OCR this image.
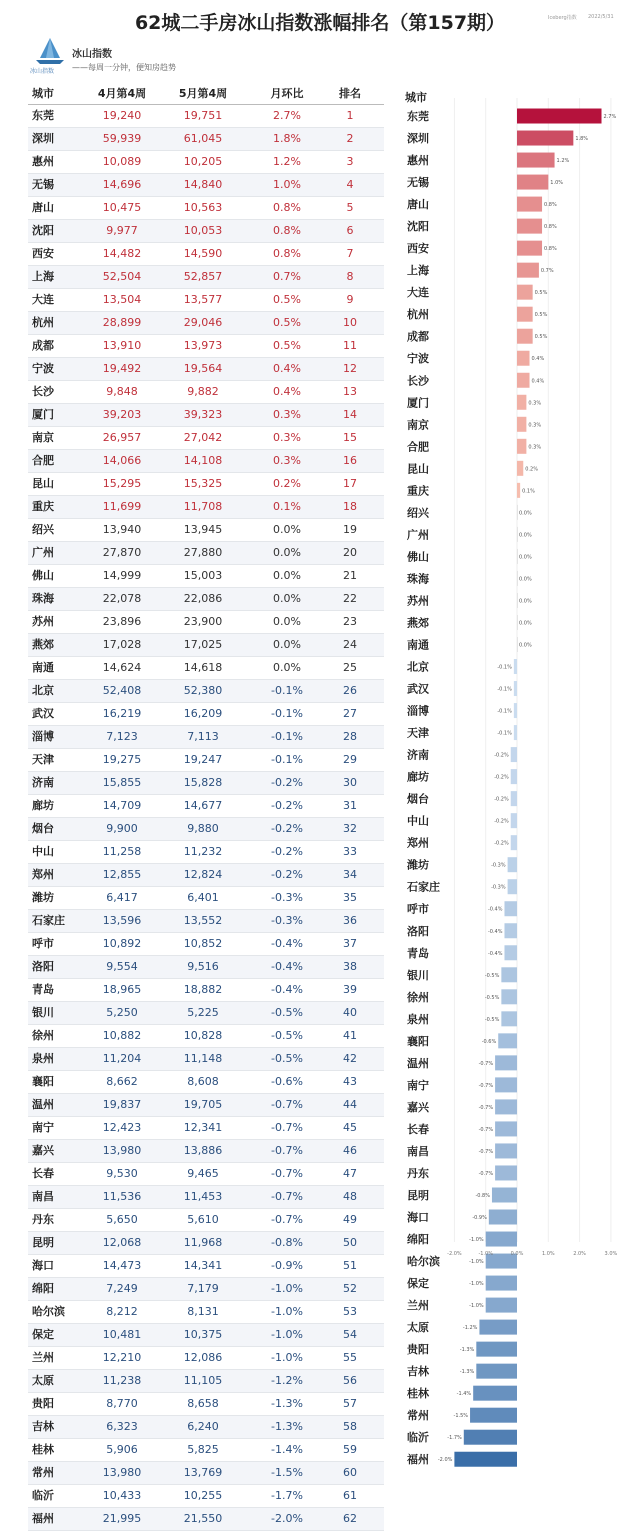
62城二手房冰山指数涨幅排名（第157期）	Iceberg指数 2022/5/31
冰山指数
——每周一分钟，便知房趋势
冰山指数
城市	4月第4周	5月第4周	月环比	排名
东莞	19,240	19,751	2.7%	1
深圳	59,939	61,045	1.8%	2
惠州	10,089	10,205	1.2%	3
无锡	14,696	14,840	1.0%	4
唐山	10,475	10,563	0.8%	5
沈阳	9,977	10,053	0.8%	6
西安	14,482	14,590	0.8%	7
上海	52,504	52,857	0.7%	8
大连	13,504	13,577	0.5%	9
杭州	28,899	29,046	0.5%	10
成都	13,910	13,973	0.5%	11
宁波	19,492	19,564	0.4%	12
长沙	9,848	9,882	0.4%	13
厦门	39,203	39,323	0.3%	14
南京	26,957	27,042	0.3%	15
合肥	14,066	14,108	0.3%	16
昆山	15,295	15,325	0.2%	17
重庆	11,699	11,708	0.1%	18
绍兴	13,940	13,945	0.0%	19
广州	27,870	27,880	0.0%	20
佛山	14,999	15,003	0.0%	21
珠海	22,078	22,086	0.0%	22
苏州	23,896	23,900	0.0%	23
燕郊	17,028	17,025	0.0%	24
南通	14,624	14,618	0.0%	25
北京	52,408	52,380	-0.1%	26
武汉	16,219	16,209	-0.1%	27
淄博	7,123	7,113	-0.1%	28
天津	19,275	19,247	-0.1%	29
济南	15,855	15,828	-0.2%	30
廊坊	14,709	14,677	-0.2%	31
烟台	9,900	9,880	-0.2%	32
中山	11,258	11,232	-0.2%	33
郑州	12,855	12,824	-0.2%	34
潍坊	6,417	6,401	-0.3%	35
石家庄	13,596	13,552	-0.3%	36
呼市	10,892	10,852	-0.4%	37
洛阳	9,554	9,516	-0.4%	38
青岛	18,965	18,882	-0.4%	39
银川	5,250	5,225	-0.5%	40
徐州	10,882	10,828	-0.5%	41
泉州	11,204	11,148	-0.5%	42
襄阳	8,662	8,608	-0.6%	43
温州	19,837	19,705	-0.7%	44
南宁	12,423	12,341	-0.7%	45
嘉兴	13,980	13,886	-0.7%	46
长春	9,530	9,465	-0.7%	47
南昌	11,536	11,453	-0.7%	48
丹东	5,650	5,610	-0.7%	49
昆明	12,068	11,968	-0.8%	50
海口	14,473	14,341	-0.9%	51
绵阳	7,249	7,179	-1.0%	52
哈尔滨	8,212	8,131	-1.0%	53
保定	10,481	10,375	-1.0%	54
兰州	12,210	12,086	-1.0%	55
太原	11,238	11,105	-1.2%	56
贵阳	8,770	8,658	-1.3%	57
吉林	6,323	6,240	-1.3%	58
桂林	5,906	5,825	-1.4%	59
常州	13,980	13,769	-1.5%	60
临沂	10,433	10,255	-1.7%	61
福州	21,995	21,550	-2.0%	62
城市
东莞	2.7%
深圳	1.8%
惠州	1.2%
无锡	1.0%
唐山	0.8%
沈阳	0.8%
西安	0.8%
上海	0.7%
大连	0.5%
杭州	0.5%
成都	0.5%
宁波	0.4%
长沙	0.4%
厦门	0.3%
南京	0.3%
合肥	0.3%
昆山	0.2%
重庆	0.1%
绍兴	0.0%
广州	0.0%
佛山	0.0%
珠海	0.0%
苏州	0.0%
燕郊	0.0%
南通	0.0%
北京	-0.1%
武汉	-0.1%
淄博	-0.1%
天津	-0.1%
济南	-0.2%
廊坊	-0.2%
烟台	-0.2%
中山	-0.2%
郑州	-0.2%
潍坊	-0.3%
石家庄	-0.3%
呼市	-0.4%
洛阳	-0.4%
青岛	-0.4%
银川	-0.5%
徐州	-0.5%
泉州	-0.5%
襄阳	-0.6%
温州	-0.7%
南宁	-0.7%
嘉兴	-0.7%
长春	-0.7%
南昌	-0.7%
丹东	-0.7%
昆明	-0.8%
海口	-0.9%
绵阳	-1.0%
哈尔滨	-1.0%
保定	-1.0%
兰州	-1.0%
太原	-1.2%
贵阳	-1.3%
吉林	-1.3%
桂林	-1.4%
常州	-1.5%
临沂	-1.7%
福州 -2.0%
-2.0%	-1.0%	0.0%	1.0%	2.0%	3.0%
